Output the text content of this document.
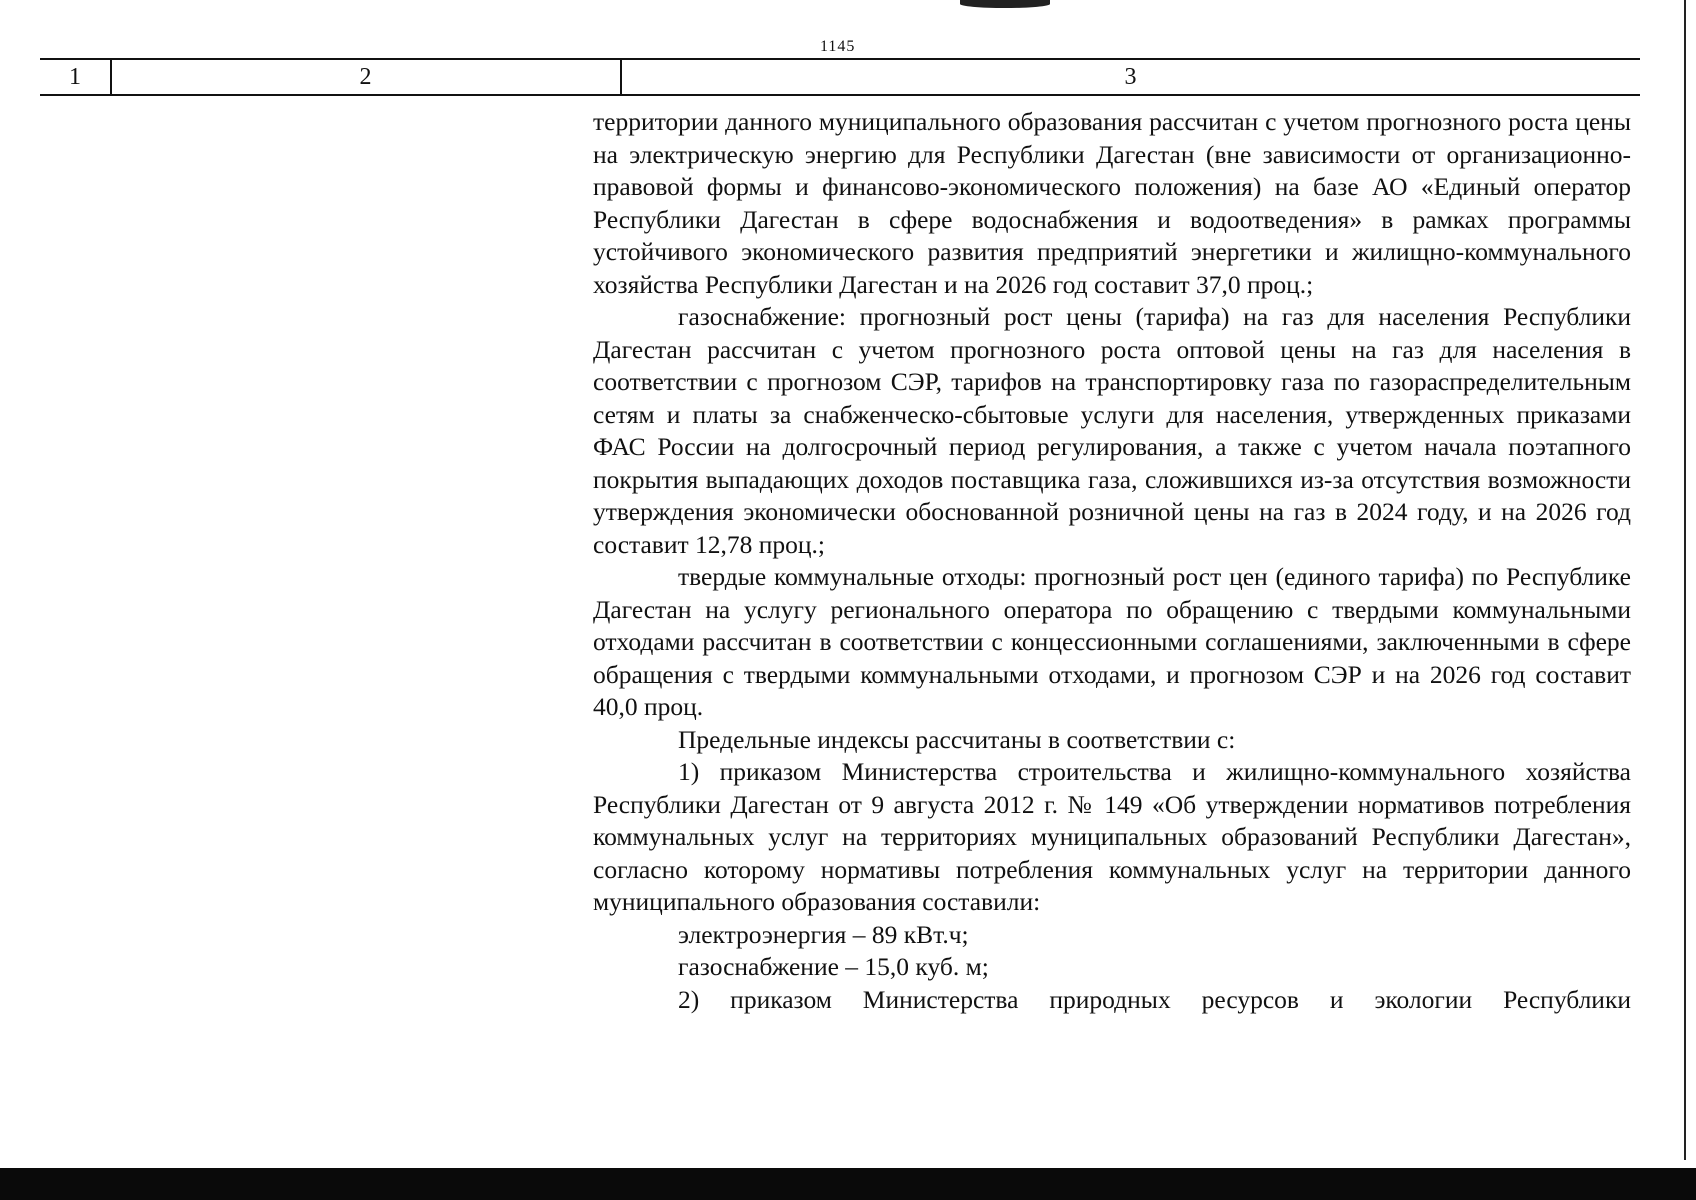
1145
1	2	3

территории данного муниципального образования рассчитан с учетом прогнозного роста цены на электрическую энергию для Республики Дагестан (вне зависимости от организационно-правовой формы и финансово-экономического положения) на базе АО «Единый оператор Республики Дагестан в сфере водоснабжения и водоотведения» в рамках программы устойчивого экономического развития предприятий энергетики и жилищно-коммунального хозяйства Республики Дагестан и на 2026 год составит 37,0 проц.;

газоснабжение: прогнозный рост цены (тарифа) на газ для населения Республики Дагестан рассчитан с учетом прогнозного роста оптовой цены на газ для населения в соответствии с прогнозом СЭР, тарифов на транспортировку газа по газораспределительным сетям и платы за снабженческо-сбытовые услуги для населения, утвержденных приказами ФАС России на долгосрочный период регулирования, а также с учетом начала поэтапного покрытия выпадающих доходов поставщика газа, сложившихся из-за отсутствия возможности утверждения экономически обоснованной розничной цены на газ в 2024 году, и на 2026 год составит 12,78 проц.;

твердые коммунальные отходы: прогнозный рост цен (единого тарифа) по Республике Дагестан на услугу регионального оператора по обращению с твердыми коммунальными отходами рассчитан в соответствии с концессионными соглашениями, заключенными в сфере обращения с твердыми коммунальными отходами, и прогнозом СЭР и на 2026 год составит 40,0 проц.

Предельные индексы рассчитаны в соответствии с:

1) приказом Министерства строительства и жилищно-коммунального хозяйства Республики Дагестан от 9 августа 2012 г. № 149 «Об утверждении нормативов потребления коммунальных услуг на территориях муниципальных образований Республики Дагестан», согласно которому нормативы потребления коммунальных услуг на территории данного муниципального образования составили:

электроэнергия – 89 кВт.ч;

газоснабжение – 15,0 куб. м;

2) приказом Министерства природных ресурсов и экологии Республики
